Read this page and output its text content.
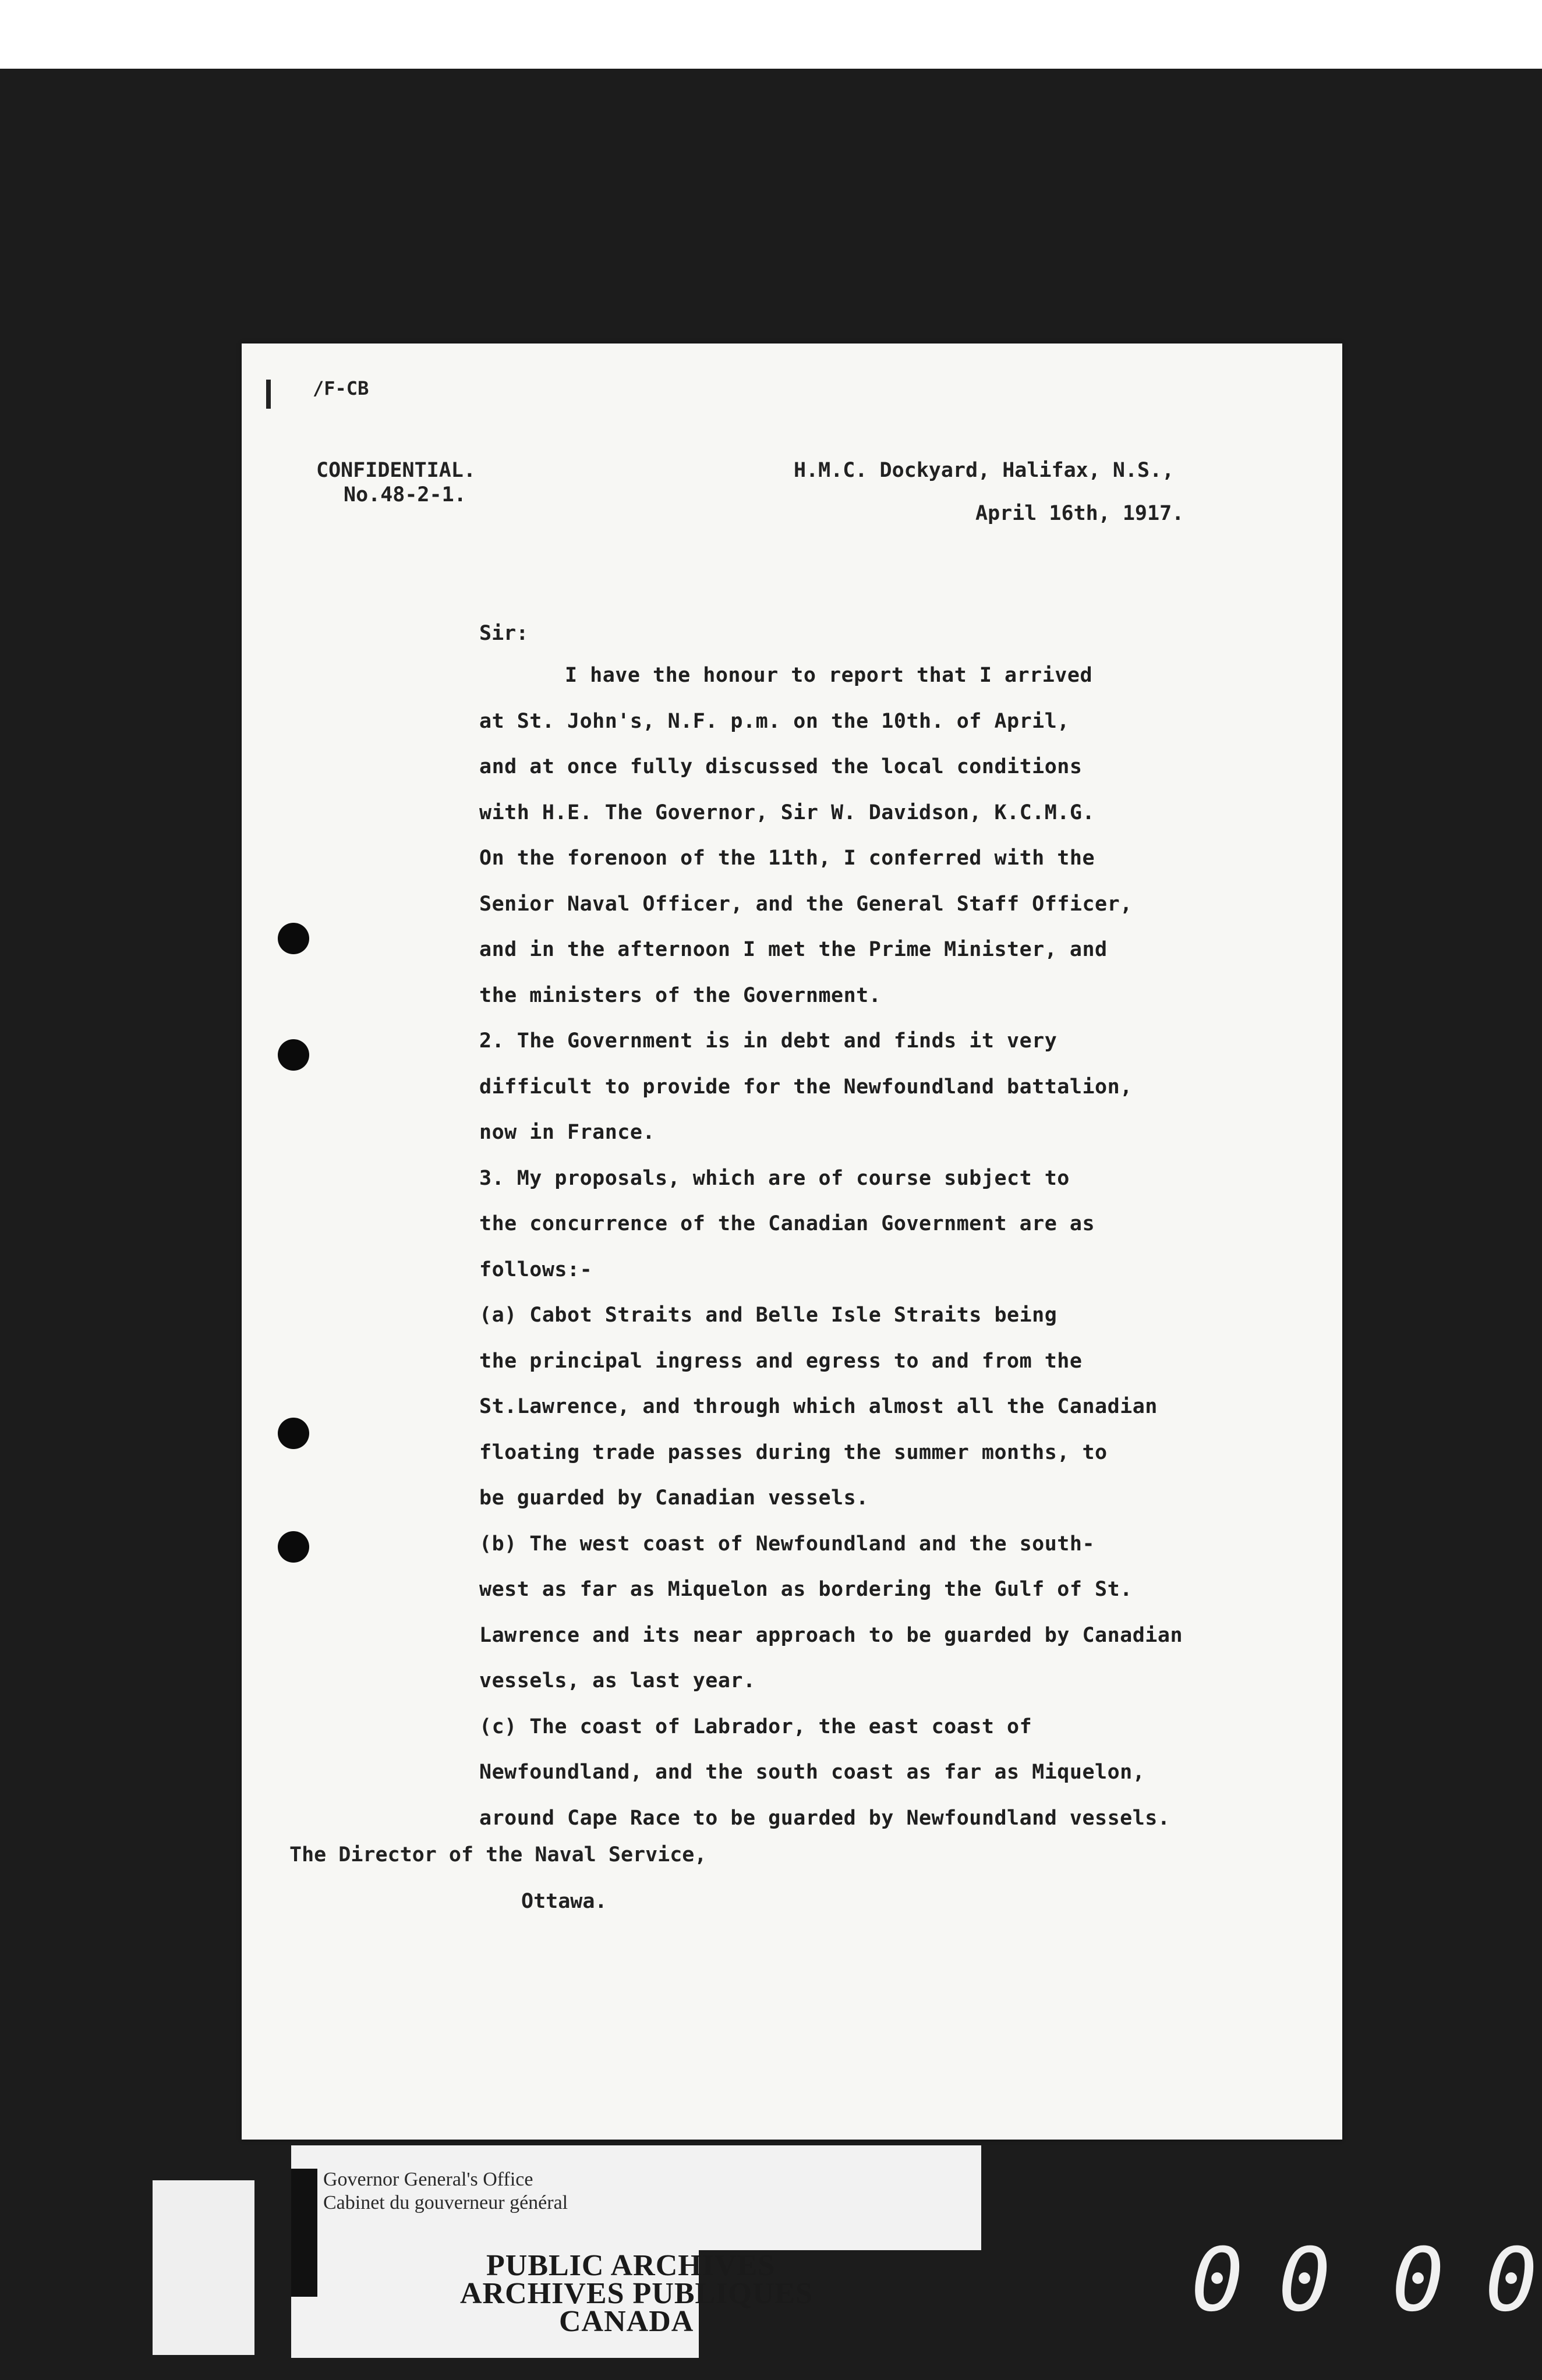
/F-CB
CONFIDENTIAL.
No.48-2-1.
H.M.C. Dockyard, Halifax, N.S.,
April 16th, 1917.
Sir:
I have the honour to report that I arrived
at St. John's, N.F. p.m. on the 10th. of April,
and at once fully discussed the local conditions
with H.E. The Governor, Sir W. Davidson, K.C.M.G.
On the forenoon of the 11th, I conferred with the
Senior Naval Officer, and the General Staff Officer,
and in the afternoon I met the Prime Minister, and
the ministers of the Government.
2. The Government is in debt and finds it very
difficult to provide for the Newfoundland battalion,
now in France.
3. My proposals, which are of course subject to
the concurrence of the Canadian Government are as
follows:-
(a) Cabot Straits and Belle Isle Straits being
the principal ingress and egress to and from the
St.Lawrence, and through which almost all the Canadian
floating trade passes during the summer months, to
be guarded by Canadian vessels.
(b) The west coast of Newfoundland and the south-
west as far as Miquelon as bordering the Gulf of St.
Lawrence and its near approach to be guarded by Canadian
vessels, as last year.
(c) The coast of Labrador, the east coast of
Newfoundland, and the south coast as far as Miquelon,
around Cape Race to be guarded by Newfoundland vessels.
The Director of the Naval Service,
Ottawa.
Governor General's Office
Cabinet du gouverneur général
PUBLIC ARCHIVES
ARCHIVES PUBLIQUES
CANADA	0 0 0 0
